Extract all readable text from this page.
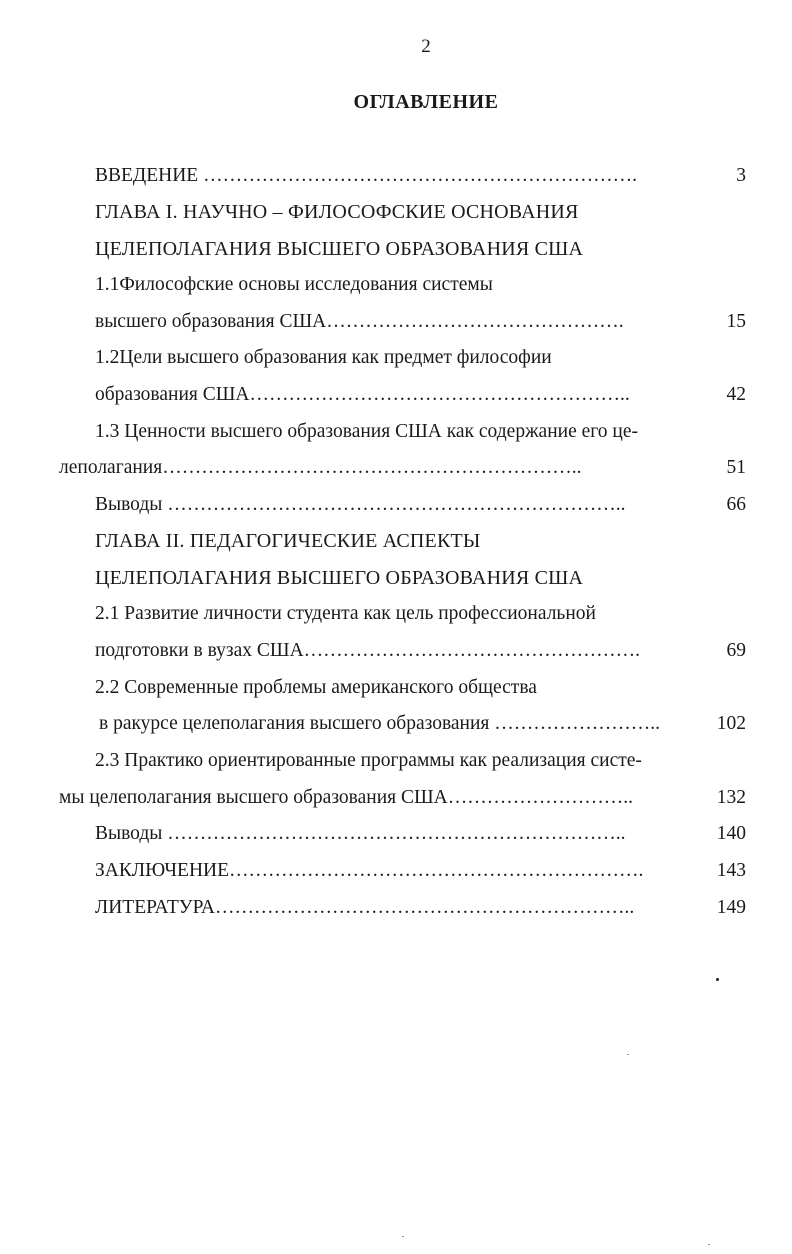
2
ОГЛАВЛЕНИЕ
ВВЕДЕНИЕ ………………………………………………………….	3
ГЛАВА I. НАУЧНО – ФИЛОСОФСКИЕ ОСНОВАНИЯ
ЦЕЛЕПОЛАГАНИЯ ВЫСШЕГО ОБРАЗОВАНИЯ США
1.1Философские основы исследования системы
высшего образования США……………………………………….	15
1.2Цели высшего образования как предмет философии
образования США…………………………………………………..	42
1.3 Ценности высшего образования США как содержание его це-
леполагания………………………………………………………..	51
Выводы ……………………………………………………………..	66
ГЛАВА II. ПЕДАГОГИЧЕСКИЕ АСПЕКТЫ
ЦЕЛЕПОЛАГАНИЯ ВЫСШЕГО ОБРАЗОВАНИЯ США
2.1 Развитие личности студента как цель профессиональной
подготовки в вузах США…………………………………………….	69
2.2 Современные проблемы американского общества
в ракурсе целеполагания высшего образования ……………………..	102
2.3 Практико ориентированные программы как реализация систе-
мы целеполагания высшего образования США………………………..	132
Выводы ……………………………………………………………..	140
ЗАКЛЮЧЕНИЕ……………………………………………………….	143
ЛИТЕРАТУРА………………………………………………………..	149
